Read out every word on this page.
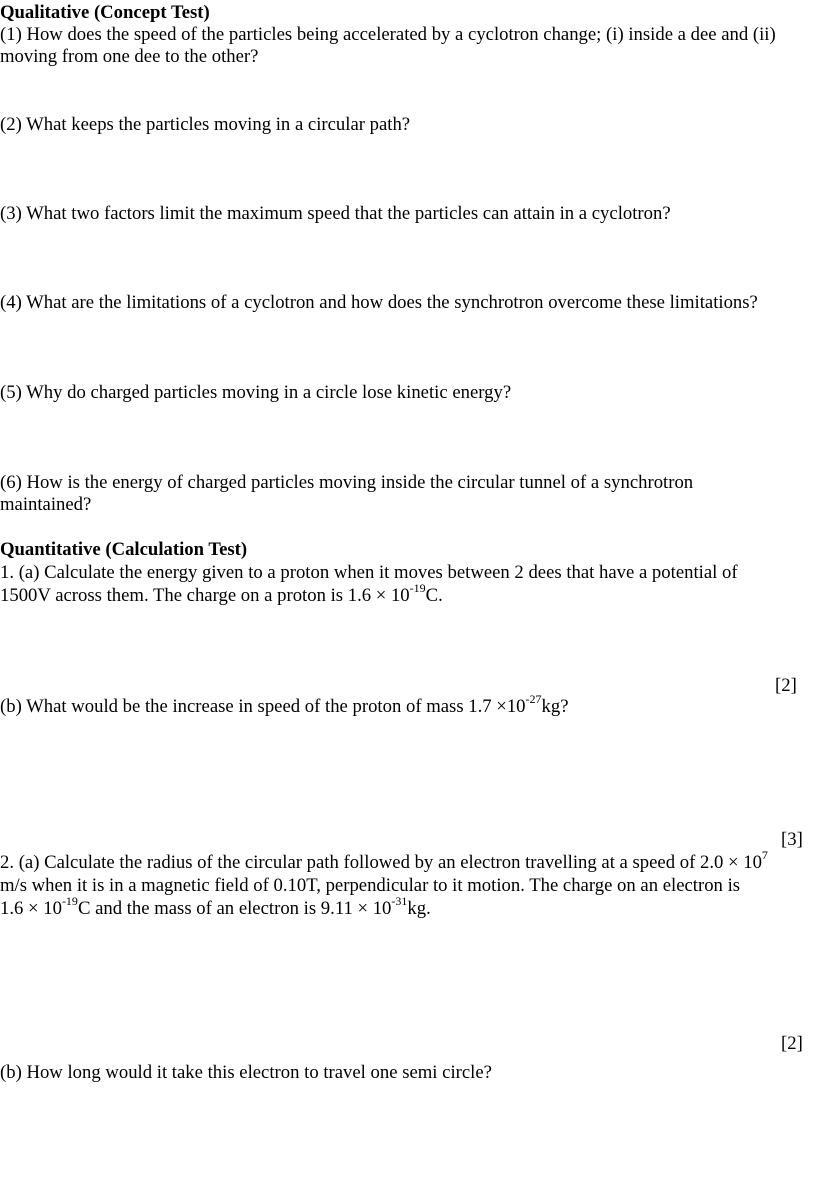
Qualitative (Concept Test)
(1) How does the speed of the particles being accelerated by a cyclotron change; (i) inside a dee and (ii)
moving from one dee to the other?
(2) What keeps the particles moving in a circular path?
(3) What two factors limit the maximum speed that the particles can attain in a cyclotron?
(4) What are the limitations of a cyclotron and how does the synchrotron overcome these limitations?
(5) Why do charged particles moving in a circle lose kinetic energy?
(6) How is the energy of charged particles moving inside the circular tunnel of a synchrotron
maintained?
Quantitative (Calculation Test)
1. (a) Calculate the energy given to a proton when it moves between 2 dees that have a potential of
1500V across them. The charge on a proton is $1.6 \times 10^{-19}C$.
[2]
(b) What would be the increase in speed of the proton of mass $1.7 \times 10^{-27}kg$?
[3]
2. (a) Calculate the radius of the circular path followed by an electron travelling at a speed of $2.0 \times 10^7$
m/s when it is in a magnetic field of 0.10T, perpendicular to it motion. The charge on an electron is
$1.6 \times 10^{-19}C$ and the mass of an electron is $9.11 \times 10^{-31}kg$.
[2]
(b) How long would it take this electron to travel one semi circle?
